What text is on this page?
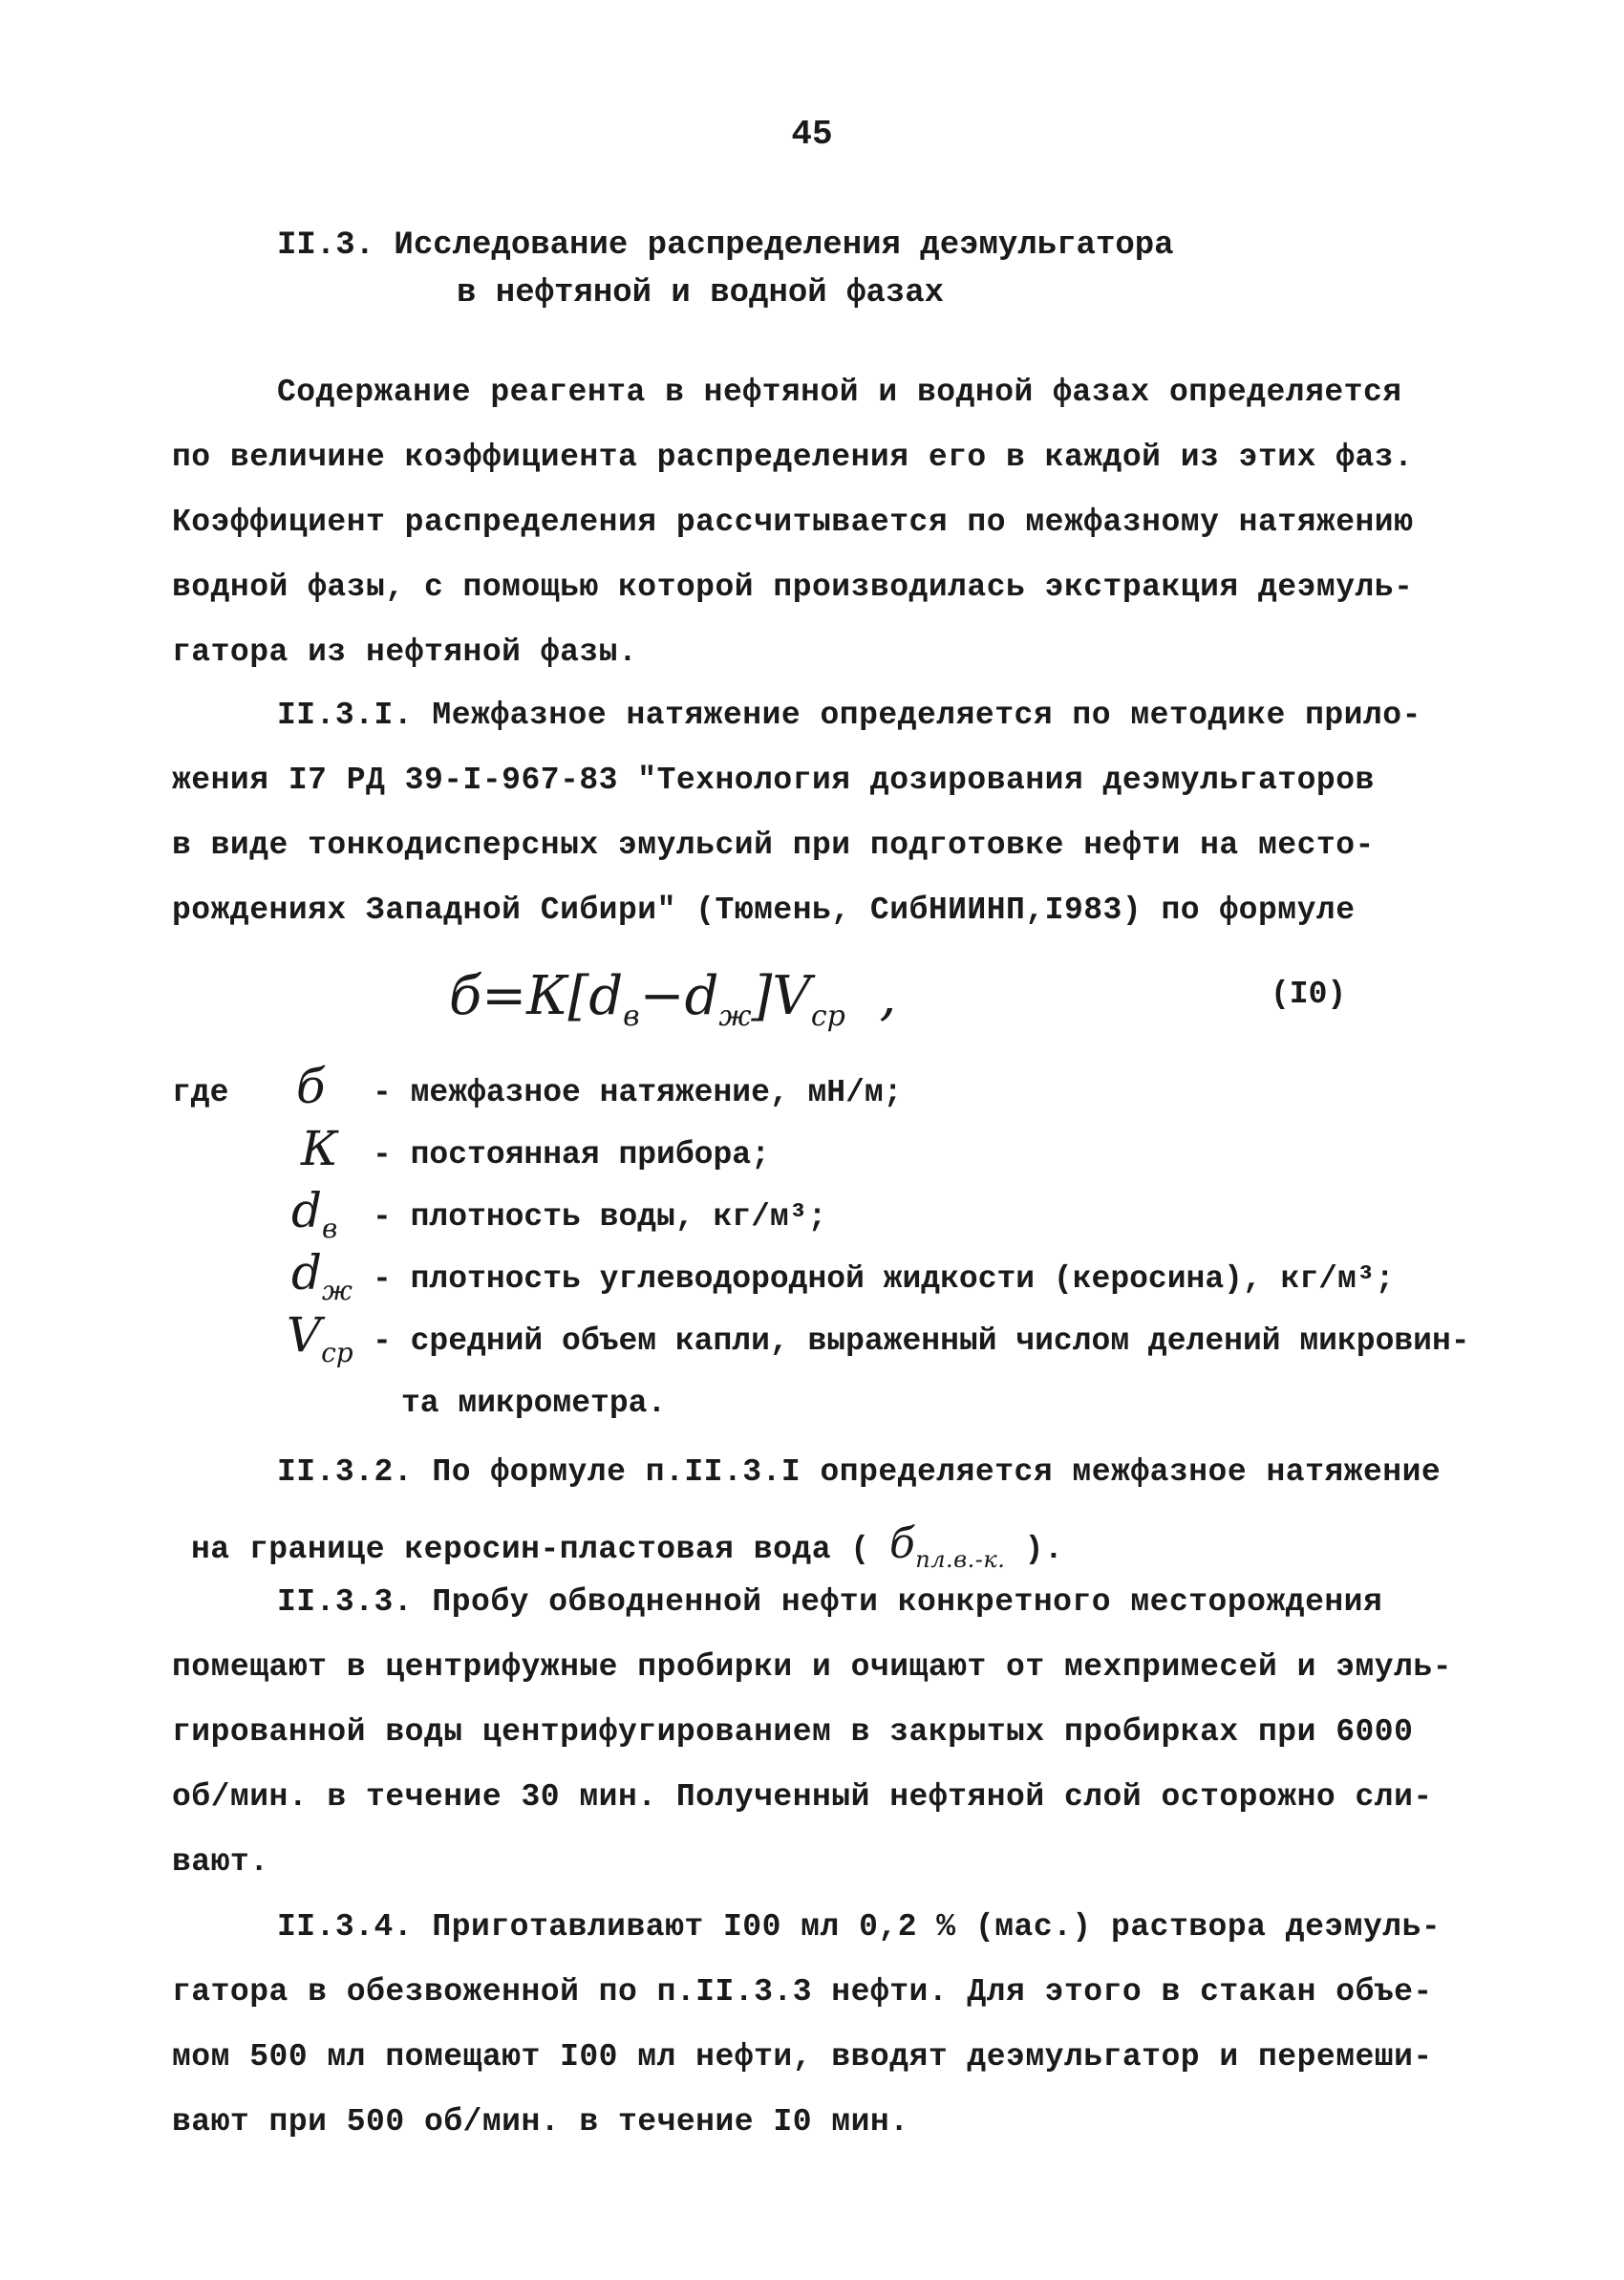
45
II.3. Исследование распределения деэмульгатора
в нефтяной и водной фазах
Содержание реагента в нефтяной и водной фазах определяется
по величине коэффициента распределения его в каждой из этих фаз.
Коэффициент распределения рассчитывается по межфазному натяжению
водной фазы, с помощью которой производилась экстракция деэмуль-
гатора из нефтяной фазы.
II.3.I. Межфазное натяжение определяется по методике прило-
жения I7 РД 39-I-967-83 "Технология дозирования деэмульгаторов
в виде тонкодисперсных эмульсий при подготовке нефти на место-
рождениях Западной Сибири" (Тюмень, СибНИИНП,I983) по формуле
$б=К[d_в-d_ж]V_{ср}$ ,	(I0)
где б - межфазное натяжение, мН/м;
К - постоянная прибора;
$d_в$ - плотность воды, кг/м³;
$d_ж$ - плотность углеводородной жидкости (керосина), кг/м³;
$V_{ср}$ - средний объем капли, выраженный числом делений микровин-
та микрометра.
II.3.2. По формуле п.II.3.I определяется межфазное натяжение
на границе керосин-пластовая вода ( $б_{пл.в.-к.}$ ).
II.3.3. Пробу обводненной нефти конкретного месторождения
помещают в центрифужные пробирки и очищают от мехпримесей и эмуль-
гированной воды центрифугированием в закрытых пробирках при 6000
об/мин. в течение 30 мин. Полученный нефтяной слой осторожно сли-
вают.
II.3.4. Приготавливают I00 мл 0,2 % (мас.) раствора деэмуль-
гатора в обезвоженной по п.II.3.3 нефти. Для этого в стакан объе-
мом 500 мл помещают I00 мл нефти, вводят деэмульгатор и перемеши-
вают при 500 об/мин. в течение I0 мин.
